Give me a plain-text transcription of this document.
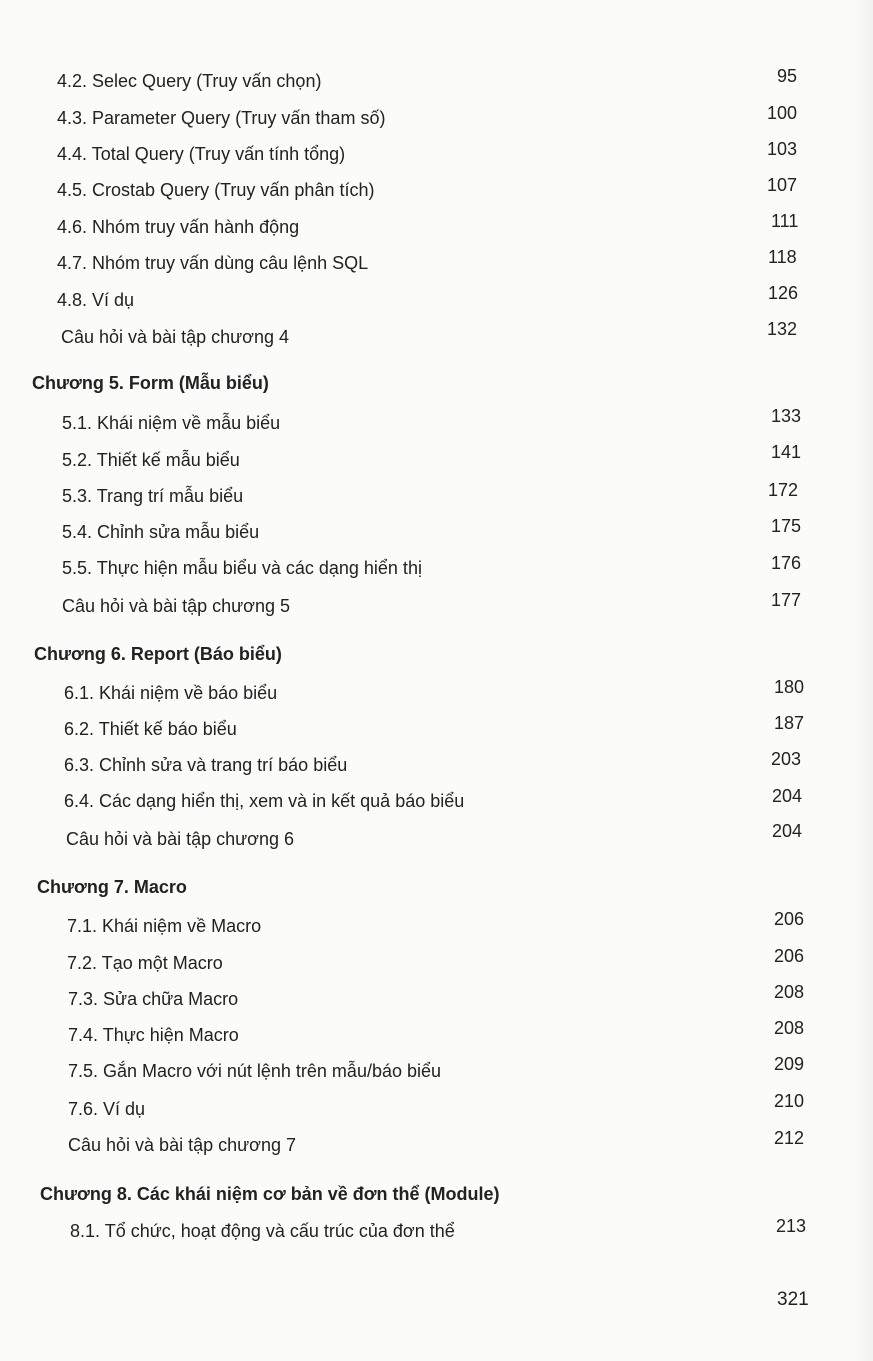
4.2. Selec Query (Truy vấn chọn)	95
4.3. Parameter Query (Truy vấn tham số)	100
4.4. Total Query (Truy vấn tính tổng)	103
4.5. Crostab Query (Truy vấn phân tích)	107
4.6. Nhóm truy vấn hành động	111
4.7. Nhóm truy vấn dùng câu lệnh SQL	118
4.8. Ví dụ	126
Câu hỏi và bài tập chương 4	132
Chương 5. Form (Mẫu biểu)
5.1. Khái niệm về mẫu biểu	133
5.2. Thiết kế mẫu biểu	141
5.3. Trang trí mẫu biểu	172
5.4. Chỉnh sửa mẫu biểu	175
5.5. Thực hiện mẫu biểu và các dạng hiển thị	176
Câu hỏi và bài tập chương 5	177
Chương 6. Report (Báo biểu)
6.1. Khái niệm về báo biểu	180
6.2. Thiết kế báo biểu	187
6.3. Chỉnh sửa và trang trí báo biểu	203
6.4. Các dạng hiển thị, xem và in kết quả báo biểu	204
Câu hỏi và bài tập chương 6	204
Chương 7. Macro
7.1. Khái niệm về Macro	206
7.2. Tạo một Macro	206
7.3. Sửa chữa Macro	208
7.4. Thực hiện Macro	208
7.5. Gắn Macro với nút lệnh trên mẫu/báo biểu	209
7.6. Ví dụ	210
Câu hỏi và bài tập chương 7	212
Chương 8. Các khái niệm cơ bản về đơn thể (Module)
8.1. Tổ chức, hoạt động và cấu trúc của đơn thể	213
321
